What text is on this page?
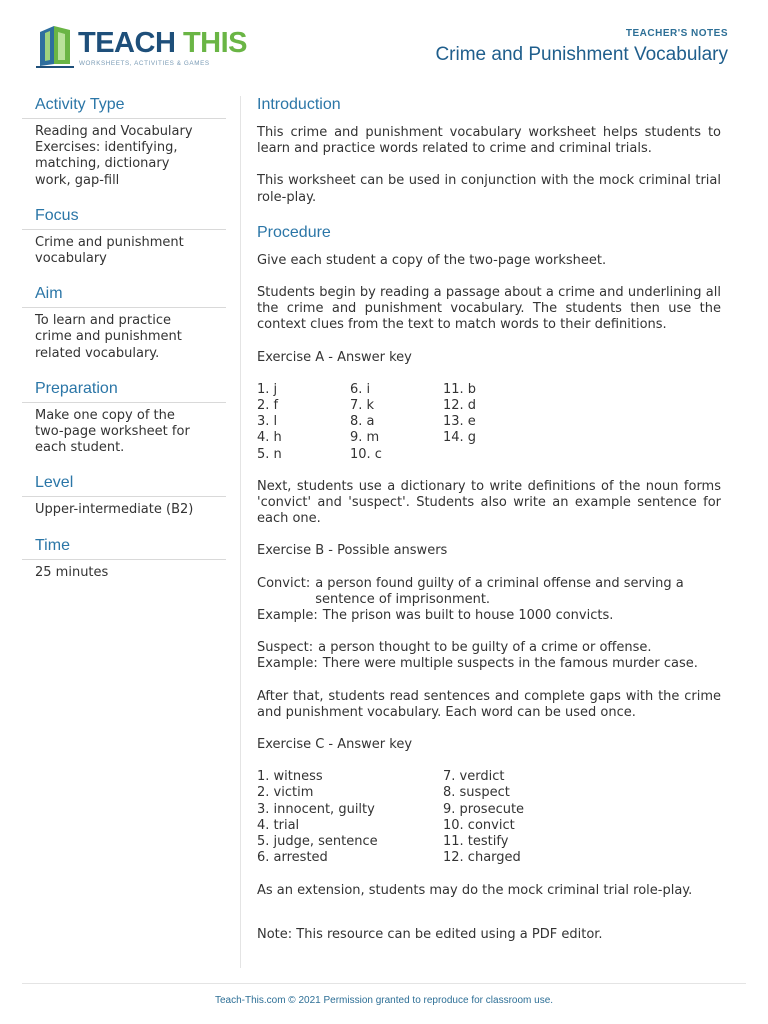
TEACH THIS
WORKSHEETS, ACTIVITIES & GAMES
TEACHER'S NOTES
Crime and Punishment Vocabulary
Activity Type
Reading and Vocabulary
Exercises: identifying,
matching, dictionary
work, gap-fill
Focus
Crime and punishment
vocabulary
Aim
To learn and practice
crime and punishment
related vocabulary.
Preparation
Make one copy of the
two-page worksheet for
each student.
Level
Upper-intermediate (B2)
Time
25 minutes
Introduction

This crime and punishment vocabulary worksheet helps students to learn and practice words related to crime and criminal trials.

This worksheet can be used in conjunction with the mock criminal trial role-play.

Procedure

Give each student a copy of the two-page worksheet.

Students begin by reading a passage about a crime and underlining all the crime and punishment vocabulary. The students then use the context clues from the text to match words to their definitions.

Exercise A - Answer key

1. j	6. i	11. b
2. f	7. k	12. d
3. l	8. a	13. e
4. h	9. m	14. g
5. n	10. c

Next, students use a dictionary to write definitions of the noun forms 'convict' and 'suspect'. Students also write an example sentence for each one.

Exercise B - Possible answers

Convict: a person found guilty of a criminal offense and serving a sentence of imprisonment.
Example: The prison was built to house 1000 convicts.
Suspect: a person thought to be guilty of a crime or offense.
Example: There were multiple suspects in the famous murder case.

After that, students read sentences and complete gaps with the crime and punishment vocabulary. Each word can be used once.

Exercise C - Answer key

1. witness	7. verdict
2. victim	8. suspect
3. innocent, guilty	9. prosecute
4. trial	10. convict
5. judge, sentence	11. testify
6. arrested	12. charged

As an extension, students may do the mock criminal trial role-play.

Note: This resource can be edited using a PDF editor.

Teach-This.com © 2021 Permission granted to reproduce for classroom use.
